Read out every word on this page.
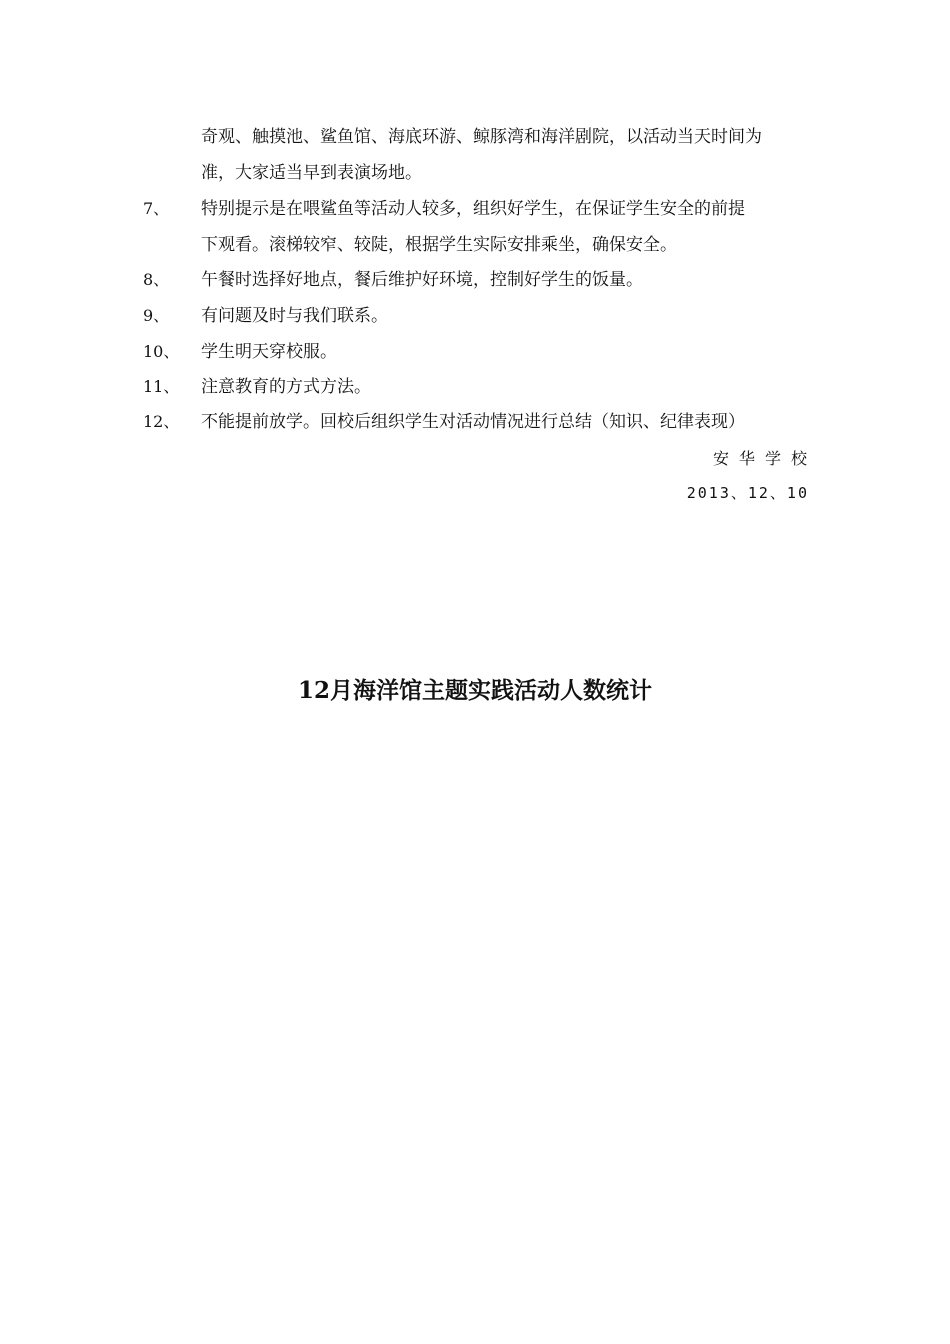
奇观、触摸池、鲨鱼馆、海底环游、鲸豚湾和海洋剧院，以活动当天时间为
准，大家适当早到表演场地。
7、 特别提示是在喂鲨鱼等活动人较多，组织好学生，在保证学生安全的前提
下观看。滚梯较窄、较陡，根据学生实际安排乘坐，确保安全。
8、 午餐时选择好地点，餐后维护好环境，控制好学生的饭量。
9、 有问题及时与我们联系。
10、 学生明天穿校服。
11、 注意教育的方式方法。
12、 不能提前放学。回校后组织学生对活动情况进行总结（知识、纪律表现）
安华学校
2013、12、10
12月海洋馆主题实践活动人数统计
